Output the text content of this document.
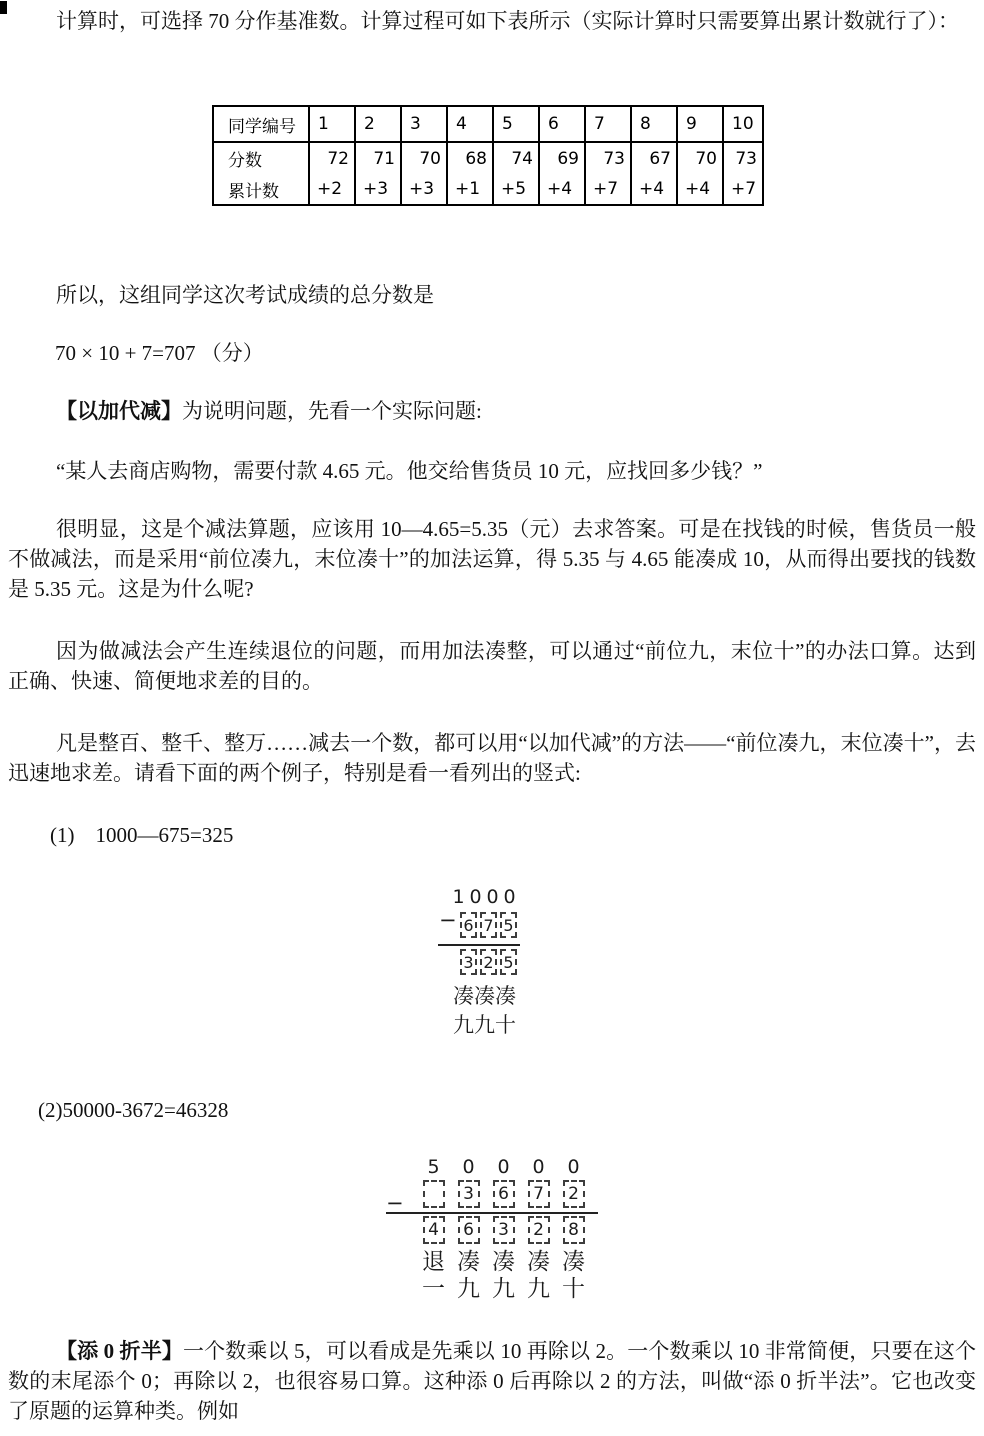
计算时，可选择 70 分作基准数。计算过程可如下表所示（实际计算时只需要算出累计数就行了）：

同学编号	1	2	3	4	5	6	7	8	9	10
分数	72	71	70	68	74	69	73	67	70	73
累计数	+2	+3	+3	+1	+5	+4	+7	+4	+4	+7

所以，这组同学这次考试成绩的总分数是

70 × 10 + 7=707 （分）

【以加代减】为说明问题，先看一个实际问题:

“某人去商店购物，需要付款 4.65 元。他交给售货员 10 元，应找回多少钱？”

很明显，这是个减法算题，应该用 10—4.65=5.35（元）去求答案。可是在找钱的时候，售货员一般不做减法，而是采用“前位凑九，末位凑十”的加法运算，得 5.35 与 4.65 能凑成 10，从而得出要找的钱数是 5.35 元。这是为什么呢?

因为做减法会产生连续退位的问题，而用加法凑整，可以通过“前位九，末位十”的办法口算。达到正确、快速、简便地求差的目的。

凡是整百、整千、整万……减去一个数，都可以用“以加代减”的方法——“前位凑九，末位凑十”，去迅速地求差。请看下面的两个例子，特别是看一看列出的竖式:

(1)　1000—675=325

−
1 0 0 0
6 7 5
3 2 5
凑 凑 凑
九 九 十

(2)50000-3672=46328

−
5	0	0	0	0
3	6	7	2
4	6	3	2	8
退 凑 凑 凑 凑
一 九 九 九 十

【添 0 折半】一个数乘以 5，可以看成是先乘以 10 再除以 2。一个数乘以 10 非常简便，只要在这个数的末尾添个 0；再除以 2，也很容易口算。这种添 0 后再除以 2 的方法，叫做“添 0 折半法”。它也改变了原题的运算种类。例如
